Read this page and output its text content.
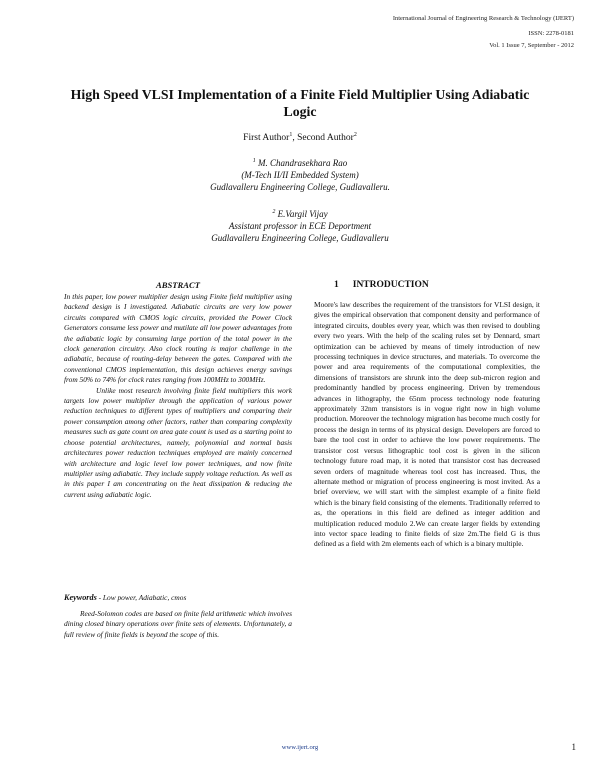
International Journal of Engineering Research & Technology (IJERT)
ISSN: 2278-0181
Vol. 1 Issue 7, September - 2012
High Speed VLSI Implementation of a Finite Field Multiplier Using Adiabatic Logic
First Author$^1$, Second Author$^2$
$^1$ M. Chandrasekhara Rao
(M-Tech II/II Embedded System)
Gudlavalleru Engineering College, Gudlavalleru.
$^2$ E.Vargil Vijay
Assistant professor in ECE Deportment
Gudlavalleru Engineering College, Gudlavalleru
ABSTRACT

In this paper, low power multiplier design using Finite field multiplier using backend design is I investigated. Adiabatic circuits are very low power circuits compared with CMOS logic circuits, provided the Power Clock Generators consume less power and mutilate all low power advantages from the adiabatic logic by consuming large portion of the total power in the clock generation circuitry. Also clock routing is major challenge in the adiabatic, because of routing-delay between the gates. Compared with the conventional CMOS implementation, this design achieves energy savings from 50% to 74% for clock rates ranging from 100MHz to 300MHz.

Unlike most research involving finite field multipliers this work targets low power multiplier through the application of various power reduction techniques to different types of multipliers and comparing their power consumption among other factors, rather than comparing complexity measures such as gate count on area gate count is used as a starting point to choose potential architectures, namely, polynomial and normal basis architectures power reduction techniques employed are mainly concerned with architecture and logic level low power techniques, and now finite multiplier using adiabatic. They include supply voltage reduction. As well as in this paper I am concentrating on the heat dissipation & reducing the current using adiabatic logic.

Keywords - Low power, Adiabatic, cmos

Reed-Solomon codes are based on finite field arithmetic which involves dining closed binary operations over finite sets of elements. Unfortunately, a full review of finite fields is beyond the scope of this.

1 INTRODUCTION

Moore's law describes the requirement of the transistors for VLSI design, it gives the empirical observation that component density and performance of integrated circuits, doubles every year, which was then revised to doubling every two years. With the help of the scaling rules set by Dennard, smart optimization can be achieved by means of timely introduction of new processing techniques in device structures, and materials. To overcome the power and area requirements of the computational complexities, the dimensions of transistors are shrunk into the deep sub-micron region and predominantly handled by process engineering. Driven by tremendous advances in lithography, the 65nm process technology node featuring approximately 32nm transistors is in vogue right now in high volume production. Moreover the technology migration has become much costly for process the design in terms of its physical design. Developers are forced to bare the tool cost in order to achieve the low power requirements. The transistor cost versus lithographic tool cost is given in the silicon technology future road map, it is noted that transistor cost has decreased seven orders of magnitude whereas tool cost has increased. Thus, the alternate method or migration of process engineering is most invited. As a brief overview, we will start with the simplest example of a finite field which is the binary field consisting of the elements. Traditionally referred to as, the operations in this field are defined as integer addition and multiplication reduced modulo 2.We can create larger fields by extending into vector space leading to finite fields of size 2m.The field G is thus defined as a field with 2m elements each of which is a binary multiple.

www.ijert.org	1
